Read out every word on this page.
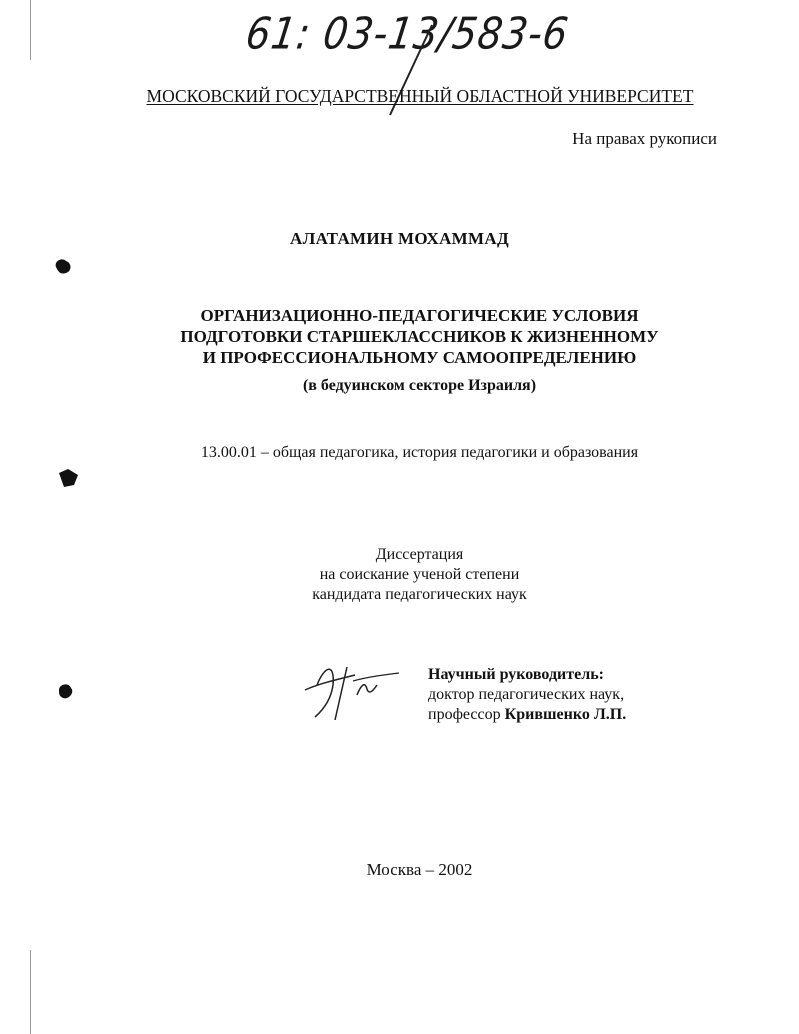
61: 03-13/583-6
МОСКОВСКИЙ ГОСУДАРСТВЕННЫЙ ОБЛАСТНОЙ УНИВЕРСИТЕТ
На правах рукописи
АЛАТАМИН МОХАММАД
ОРГАНИЗАЦИОННО-ПЕДАГОГИЧЕСКИЕ УСЛОВИЯ
ПОДГОТОВКИ СТАРШЕКЛАССНИКОВ К ЖИЗНЕННОМУ
И ПРОФЕССИОНАЛЬНОМУ САМООПРЕДЕЛЕНИЮ
(в бедуинском секторе Израиля)
13.00.01 – общая педагогика, история педагогики и образования
Диссертация
на соискание ученой степени
кандидата педагогических наук
Научный руководитель:
доктор педагогических наук,
профессор Крившенко Л.П.
Москва – 2002
